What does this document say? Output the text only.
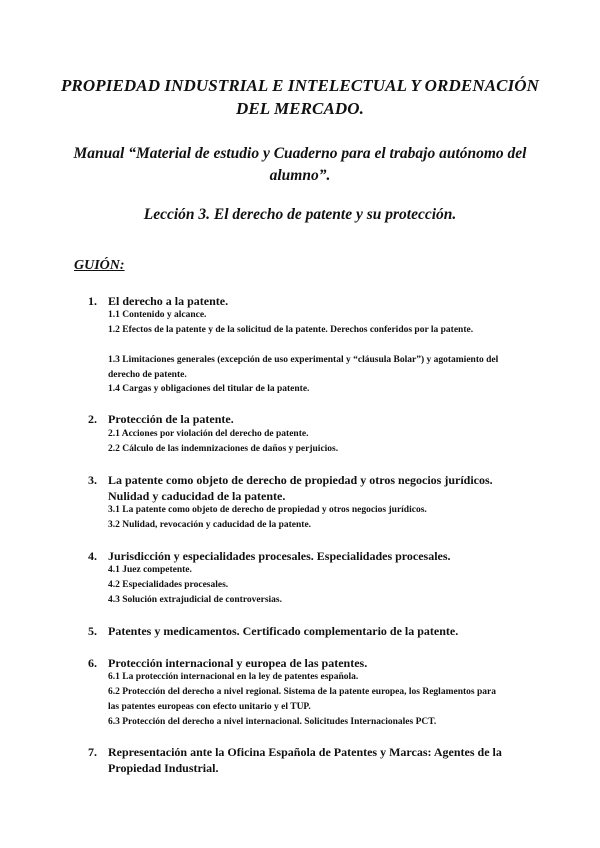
PROPIEDAD INDUSTRIAL E INTELECTUAL Y ORDENACIÓN DEL MERCADO.
Manual “Material de estudio y Cuaderno para el trabajo autónomo del alumno”.
Lección 3. El derecho de patente y su protección.
GUIÓN:
1. El derecho a la patente.
1.1 Contenido y alcance.
1.2 Efectos de la patente y de la solicitud de la patente. Derechos conferidos por la patente.
1.3 Limitaciones generales (excepción de uso experimental y “cláusula Bolar”) y agotamiento del derecho de patente.
1.4 Cargas y obligaciones del titular de la patente.
2. Protección de la patente.
2.1 Acciones por violación del derecho de patente.
2.2 Cálculo de las indemnizaciones de daños y perjuicios.
3. La patente como objeto de derecho de propiedad y otros negocios jurídicos. Nulidad y caducidad de la patente.
3.1 La patente como objeto de derecho de propiedad y otros negocios jurídicos.
3.2 Nulidad, revocación y caducidad de la patente.
4. Jurisdicción y especialidades procesales. Especialidades procesales.
4.1 Juez competente.
4.2 Especialidades procesales.
4.3 Solución extrajudicial de controversias.
5. Patentes y medicamentos. Certificado complementario de la patente.
6. Protección internacional y europea de las patentes.
6.1 La protección internacional en la ley de patentes española.
6.2 Protección del derecho a nivel regional. Sistema de la patente europea, los Reglamentos para las patentes europeas con efecto unitario y el TUP.
6.3 Protección del derecho a nivel internacional. Solicitudes Internacionales PCT.
7. Representación ante la Oficina Española de Patentes y Marcas: Agentes de la Propiedad Industrial.
